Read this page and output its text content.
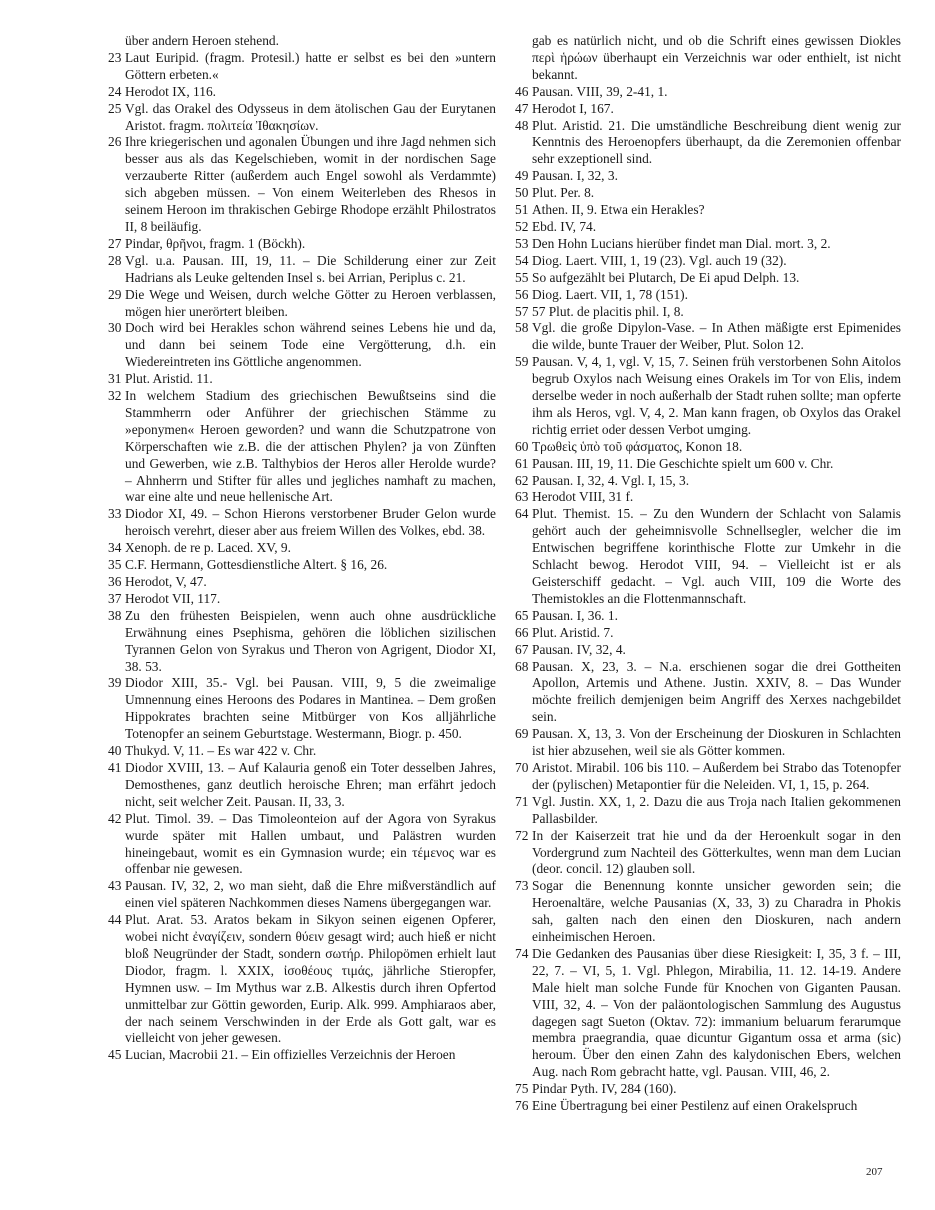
über andern Heroen stehend.
23 Laut Euripid. (fragm. Protesil.) hatte er selbst es bei den »untern Göttern erbeten.«
24 Herodot IX, 116.
25 Vgl. das Orakel des Odysseus in dem ätolischen Gau der Eurytanen Aristot. fragm. πολιτεία Ἰθακησίων.
26 Ihre kriegerischen und agonalen Übungen und ihre Jagd nehmen sich besser aus als das Kegelschieben, womit in der nordischen Sage verzauberte Ritter (außerdem auch Engel sowohl als Verdammte) sich abgeben müssen. – Von einem Weiterleben des Rhesos in seinem Heroon im thrakischen Gebirge Rhodope erzählt Philostratos II, 8 beiläufig.
27 Pindar, θρῆνοι, fragm. 1 (Böckh).
28 Vgl. u.a. Pausan. III, 19, 11. – Die Schilderung einer zur Zeit Hadrians als Leuke geltenden Insel s. bei Arrian, Periplus c. 21.
29 Die Wege und Weisen, durch welche Götter zu Heroen verblassen, mögen hier unerörtert bleiben.
30 Doch wird bei Herakles schon während seines Lebens hie und da, und dann bei seinem Tode eine Vergötterung, d.h. ein Wiedereintreten ins Göttliche angenommen.
31 Plut. Aristid. 11.
32 In welchem Stadium des griechischen Bewußtseins sind die Stammherrn oder Anführer der griechischen Stämme zu »eponymen« Heroen geworden? und wann die Schutzpatrone von Körperschaften wie z.B. die der attischen Phylen? ja von Zünften und Gewerben, wie z.B. Talthybios der Heros aller Herolde wurde? – Ahnherrn und Stifter für alles und jegliches namhaft zu machen, war eine alte und neue hellenische Art.
33 Diodor XI, 49. – Schon Hierons verstorbener Bruder Gelon wurde heroisch verehrt, dieser aber aus freiem Willen des Volkes, ebd. 38.
34 Xenoph. de re p. Laced. XV, 9.
35 C.F. Hermann, Gottesdienstliche Altert. § 16, 26.
36 Herodot, V, 47.
37 Herodot VII, 117.
38 Zu den frühesten Beispielen, wenn auch ohne ausdrückliche Erwähnung eines Psephisma, gehören die löblichen sizilischen Tyrannen Gelon von Syrakus und Theron von Agrigent, Diodor XI, 38. 53.
39 Diodor XIII, 35.- Vgl. bei Pausan. VIII, 9, 5 die zweimalige Umnennung eines Heroons des Podares in Mantinea. – Dem großen Hippokrates brachten seine Mitbürger von Kos alljährliche Totenopfer an seinem Geburtstage. Westermann, Biogr. p. 450.
40 Thukyd. V, 11. – Es war 422 v. Chr.
41 Diodor XVIII, 13. – Auf Kalauria genoß ein Toter desselben Jahres, Demosthenes, ganz deutlich heroische Ehren; man erfährt jedoch nicht, seit welcher Zeit. Pausan. II, 33, 3.
42 Plut. Timol. 39. – Das Timoleonteion auf der Agora von Syrakus wurde später mit Hallen umbaut, und Palästren wurden hineingebaut, womit es ein Gymnasion wurde; ein τέμενος war es offenbar nie gewesen.
43 Pausan. IV, 32, 2, wo man sieht, daß die Ehre mißverständlich auf einen viel späteren Nachkommen dieses Namens übergegangen war.
44 Plut. Arat. 53. Aratos bekam in Sikyon seinen eigenen Opferer, wobei nicht ἐναγίζειν, sondern θύειν gesagt wird; auch hieß er nicht bloß Neugründer der Stadt, sondern σωτήρ. Philopömen erhielt laut Diodor, fragm. l. XXIX, ἰσοθέους τιμάς, jährliche Stieropfer, Hymnen usw. – Im Mythus war z.B. Alkestis durch ihren Opfertod unmittelbar zur Göttin geworden, Eurip. Alk. 999. Amphiaraos aber, der nach seinem Verschwinden in der Erde als Gott galt, war es vielleicht von jeher gewesen.
45 Lucian, Macrobii 21. – Ein offizielles Verzeichnis der Heroen
gab es natürlich nicht, und ob die Schrift eines gewissen Diokles περὶ ἡρώων überhaupt ein Verzeichnis war oder enthielt, ist nicht bekannt.
46 Pausan. VIII, 39, 2-41, 1.
47 Herodot I, 167.
48 Plut. Aristid. 21. Die umständliche Beschreibung dient wenig zur Kenntnis des Heroenopfers überhaupt, da die Zeremonien offenbar sehr exzeptionell sind.
49 Pausan. I, 32, 3.
50 Plut. Per. 8.
51 Athen. II, 9. Etwa ein Herakles?
52 Ebd. IV, 74.
53 Den Hohn Lucians hierüber findet man Dial. mort. 3, 2.
54 Diog. Laert. VIII, 1, 19 (23). Vgl. auch 19 (32).
55 So aufgezählt bei Plutarch, De Ei apud Delph. 13.
56 Diog. Laert. VII, 1, 78 (151).
57 57 Plut. de placitis phil. I, 8.
58 Vgl. die große Dipylon-Vase. – In Athen mäßigte erst Epimenides die wilde, bunte Trauer der Weiber, Plut. Solon 12.
59 Pausan. V, 4, 1, vgl. V, 15, 7. Seinen früh verstorbenen Sohn Aitolos begrub Oxylos nach Weisung eines Orakels im Tor von Elis, indem derselbe weder in noch außerhalb der Stadt ruhen sollte; man opferte ihm als Heros, vgl. V, 4, 2. Man kann fragen, ob Oxylos das Orakel richtig erriet oder dessen Verbot umging.
60 Τρωθεὶς ὑπὸ τοῦ φάσματος, Konon 18.
61 Pausan. III, 19, 11. Die Geschichte spielt um 600 v. Chr.
62 Pausan. I, 32, 4. Vgl. I, 15, 3.
63 Herodot VIII, 31 f.
64 Plut. Themist. 15. – Zu den Wundern der Schlacht von Salamis gehört auch der geheimnisvolle Schnellsegler, welcher die im Entwischen begriffene korinthische Flotte zur Umkehr in die Schlacht bewog. Herodot VIII, 94. – Vielleicht ist er als Geisterschiff gedacht. – Vgl. auch VIII, 109 die Worte des Themistokles an die Flottenmannschaft.
65 Pausan. I, 36. 1.
66 Plut. Aristid. 7.
67 Pausan. IV, 32, 4.
68 Pausan. X, 23, 3. – N.a. erschienen sogar die drei Gottheiten Apollon, Artemis und Athene. Justin. XXIV, 8. – Das Wunder möchte freilich demjenigen beim Angriff des Xerxes nachgebildet sein.
69 Pausan. X, 13, 3. Von der Erscheinung der Dioskuren in Schlachten ist hier abzusehen, weil sie als Götter kommen.
70 Aristot. Mirabil. 106 bis 110. – Außerdem bei Strabo das Totenopfer der (pylischen) Metapontier für die Neleiden. VI, 1, 15, p. 264.
71 Vgl. Justin. XX, 1, 2. Dazu die aus Troja nach Italien gekommenen Pallasbilder.
72 In der Kaiserzeit trat hie und da der Heroenkult sogar in den Vordergrund zum Nachteil des Götterkultes, wenn man dem Lucian (deor. concil. 12) glauben soll.
73 Sogar die Benennung konnte unsicher geworden sein; die Heroenaltäre, welche Pausanias (X, 33, 3) zu Charadra in Phokis sah, galten nach den einen den Dioskuren, nach andern einheimischen Heroen.
74 Die Gedanken des Pausanias über diese Riesigkeit: I, 35, 3 f. – III, 22, 7. – VI, 5, 1. Vgl. Phlegon, Mirabilia, 11. 12. 14-19. Andere Male hielt man solche Funde für Knochen von Giganten Pausan. VIII, 32, 4. – Von der paläontologischen Sammlung des Augustus dagegen sagt Sueton (Oktav. 72): immanium beluarum ferarumque membra praegrandia, quae dicuntur Gigantum ossa et arma (sic) heroum. Über den einen Zahn des kalydonischen Ebers, welchen Aug. nach Rom gebracht hatte, vgl. Pausan. VIII, 46, 2.
75 Pindar Pyth. IV, 284 (160).
76 Eine Übertragung bei einer Pestilenz auf einen Orakelspruch
207
